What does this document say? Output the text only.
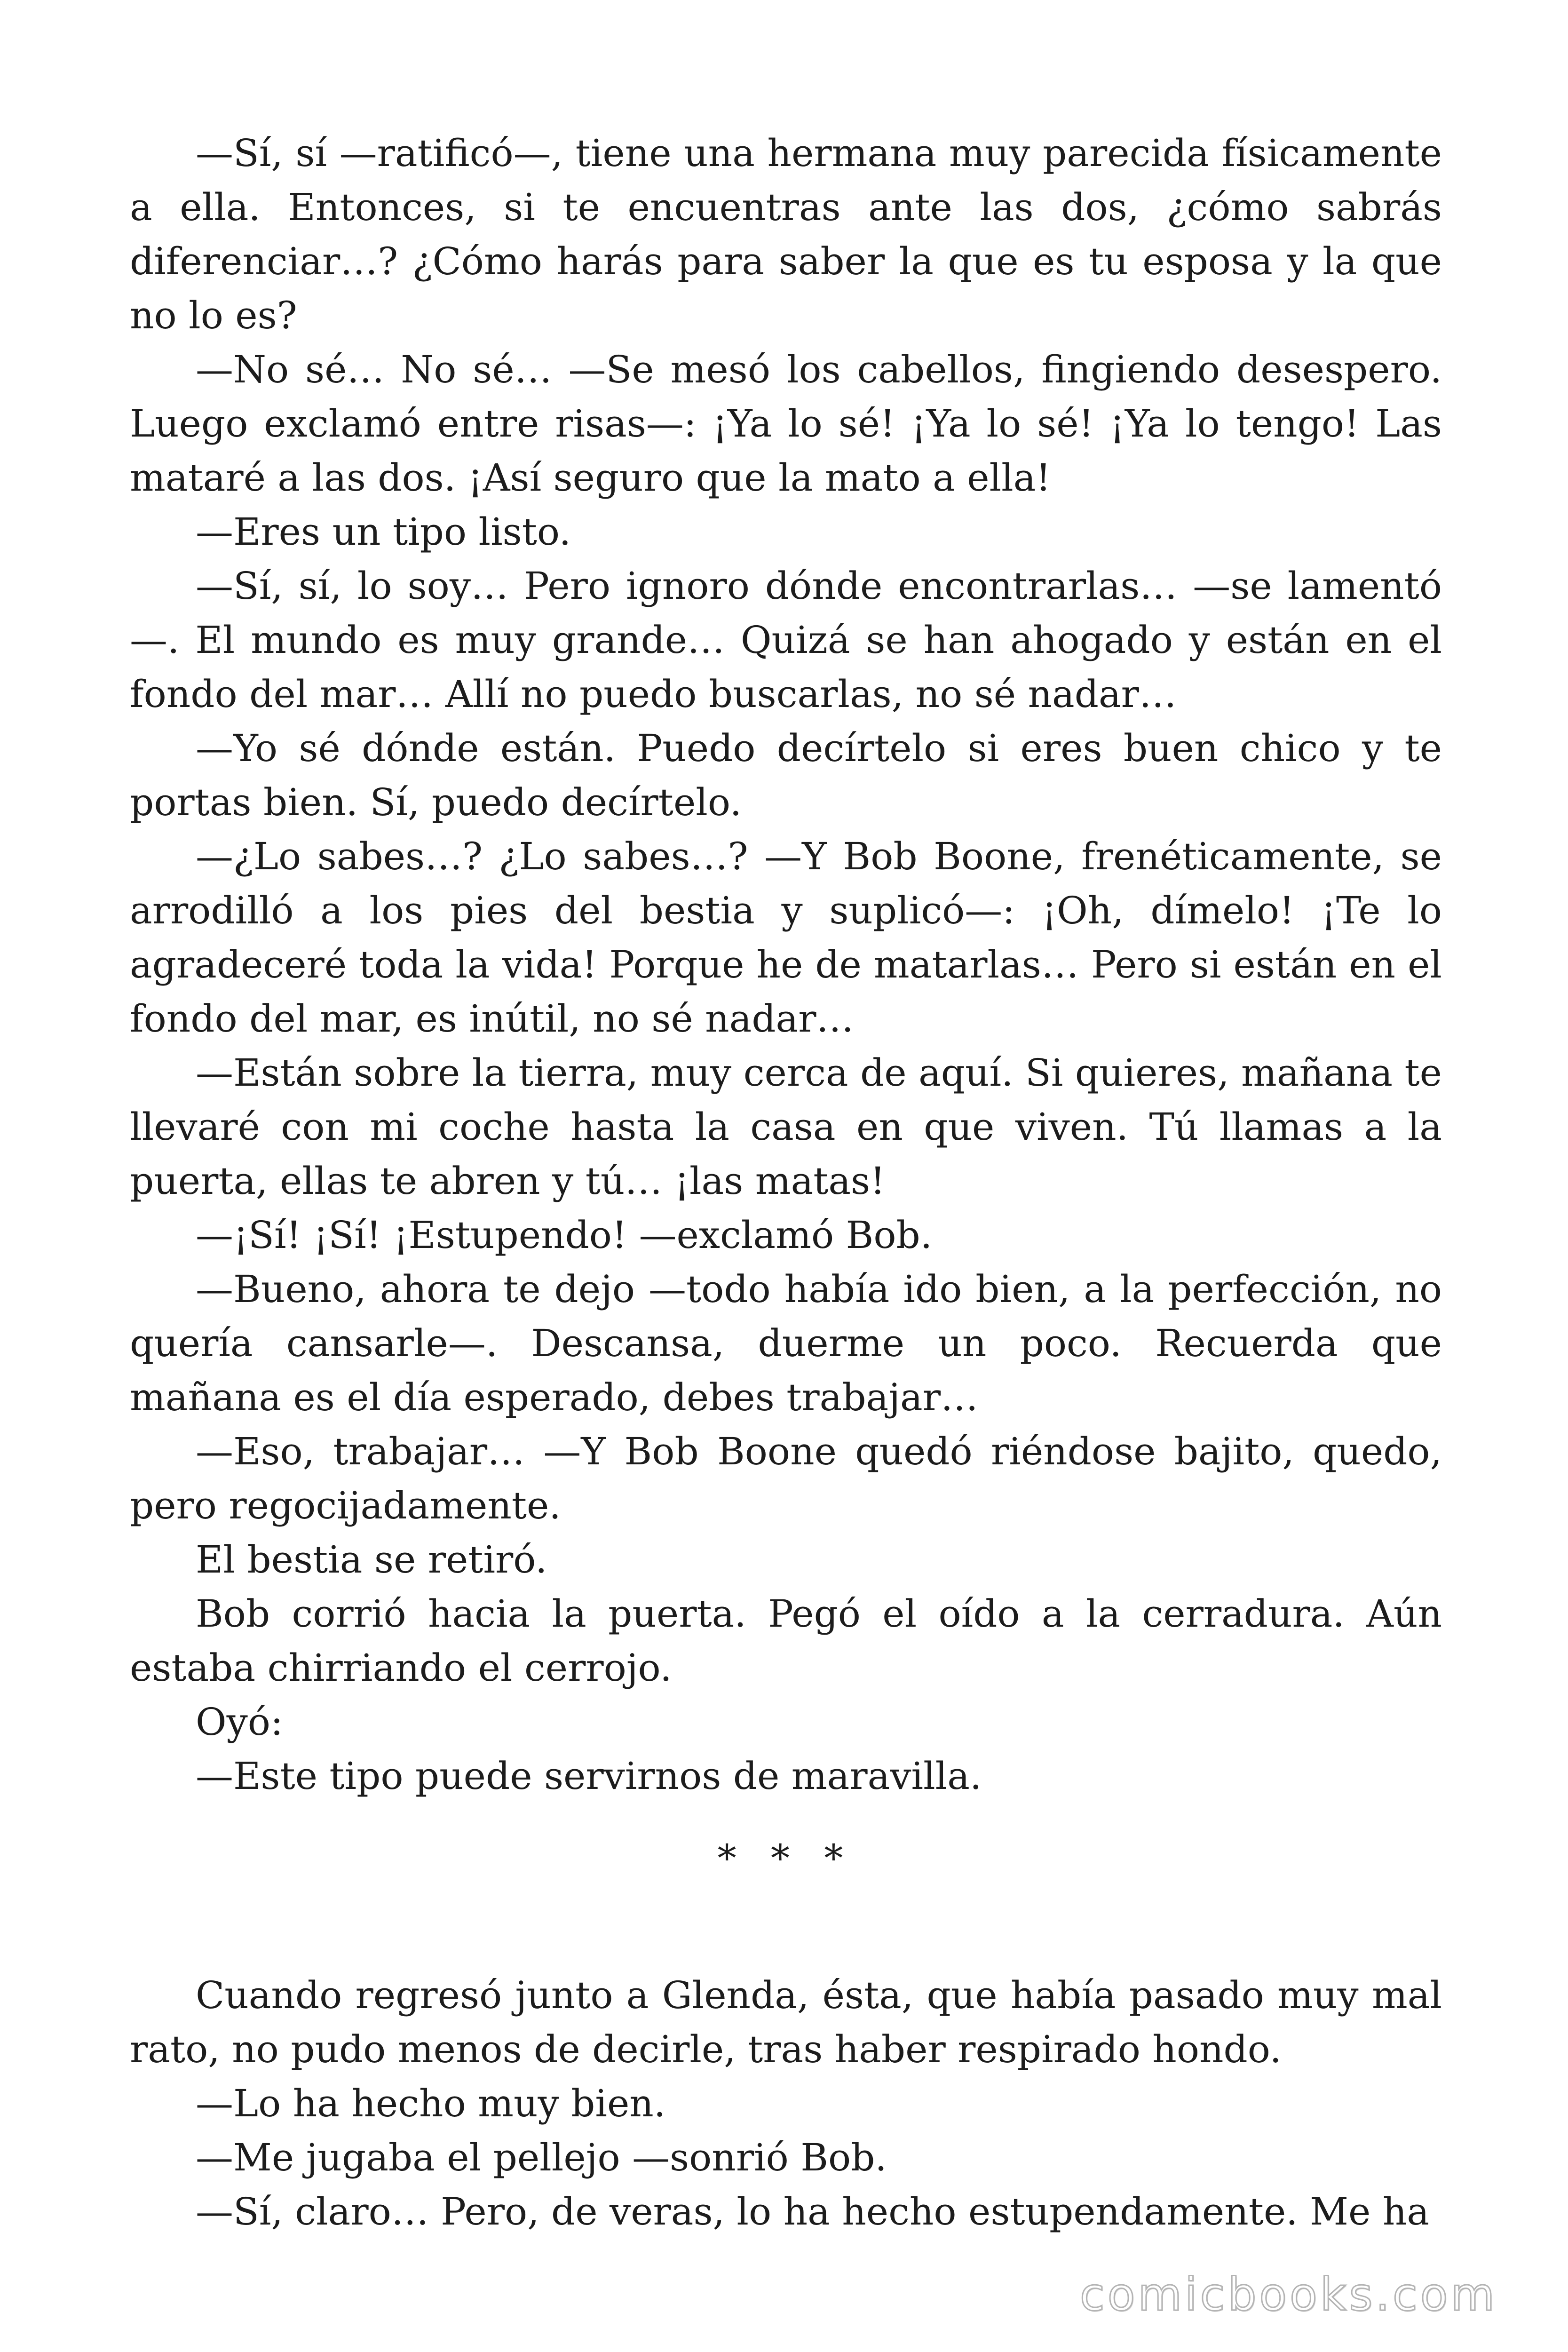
—Sí, sí —ratificó—, tiene una hermana muy parecida físicamente a ella. Entonces, si te encuentras ante las dos, ¿cómo sabrás diferenciar…? ¿Cómo harás para saber la que es tu esposa y la que no lo es?

—No sé… No sé… —Se mesó los cabellos, fingiendo desespero. Luego exclamó entre risas—: ¡Ya lo sé! ¡Ya lo sé! ¡Ya lo tengo! Las mataré a las dos. ¡Así seguro que la mato a ella!

—Eres un tipo listo.

—Sí, sí, lo soy… Pero ignoro dónde encontrarlas… —se lamentó —. El mundo es muy grande… Quizá se han ahogado y están en el fondo del mar… Allí no puedo buscarlas, no sé nadar…

—Yo sé dónde están. Puedo decírtelo si eres buen chico y te portas bien. Sí, puedo decírtelo.

—¿Lo sabes…? ¿Lo sabes…? —Y Bob Boone, frenéticamente, se arrodilló a los pies del bestia y suplicó—: ¡Oh, dímelo! ¡Te lo agradeceré toda la vida! Porque he de matarlas… Pero si están en el fondo del mar, es inútil, no sé nadar…

—Están sobre la tierra, muy cerca de aquí. Si quieres, mañana te llevaré con mi coche hasta la casa en que viven. Tú llamas a la puerta, ellas te abren y tú… ¡las matas!

—¡Sí! ¡Sí! ¡Estupendo! —exclamó Bob.

—Bueno, ahora te dejo —todo había ido bien, a la perfección, no quería cansarle—. Descansa, duerme un poco. Recuerda que mañana es el día esperado, debes trabajar…

—Eso, trabajar… —Y Bob Boone quedó riéndose bajito, quedo, pero regocijadamente.

El bestia se retiró.

Bob corrió hacia la puerta. Pegó el oído a la cerradura. Aún estaba chirriando el cerrojo.

Oyó:

—Este tipo puede servirnos de maravilla.

* * *

Cuando regresó junto a Glenda, ésta, que había pasado muy mal rato, no pudo menos de decirle, tras haber respirado hondo.

—Lo ha hecho muy bien.

—Me jugaba el pellejo —sonrió Bob.

—Sí, claro… Pero, de veras, lo ha hecho estupendamente. Me ha

comicbooks.com
